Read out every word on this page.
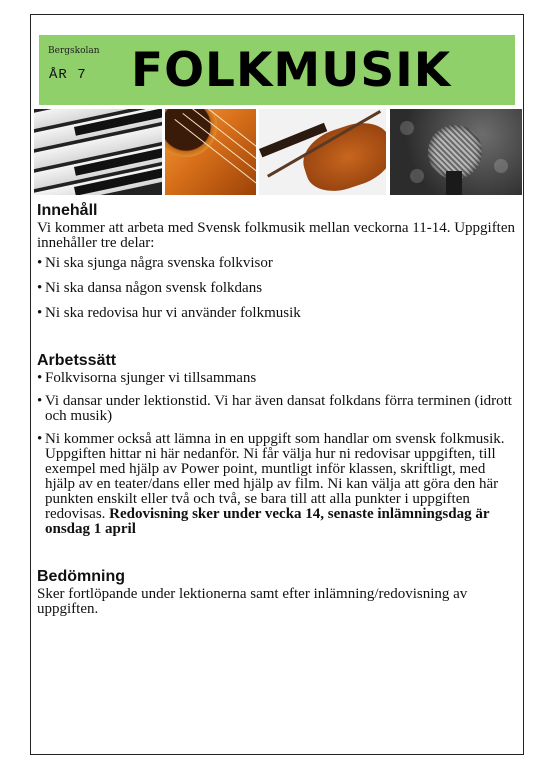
Bergskolan
ÅR 7 FOLKMUSIK
Innehåll

Vi kommer att arbeta med Svensk folkmusik mellan veckorna 11-14. Uppgiften innehåller tre delar:

• Ni ska sjunga några svenska folkvisor
• Ni ska dansa någon svensk folkdans
• Ni ska redovisa hur vi använder folkmusik
Arbetssätt
• Folkvisorna sjunger vi tillsammans
• Vi dansar under lektionstid. Vi har även dansat folkdans förra terminen (idrott och musik)
• Ni kommer också att lämna in en uppgift som handlar om svensk folkmusik. Uppgiften hittar ni här nedanför. Ni får välja hur ni redovisar uppgiften, till exempel med hjälp av Power point, muntligt inför klassen, skriftligt, med hjälp av en teater/dans eller med hjälp av film. Ni kan välja att göra den här punkten enskilt eller två och två, se bara till att alla punkter i uppgiften redovisas. Redovisning sker under vecka 14, senaste inlämningsdag är onsdag 1 april
Bedömning

Sker fortlöpande under lektionerna samt efter inlämning/redovisning av uppgiften.
